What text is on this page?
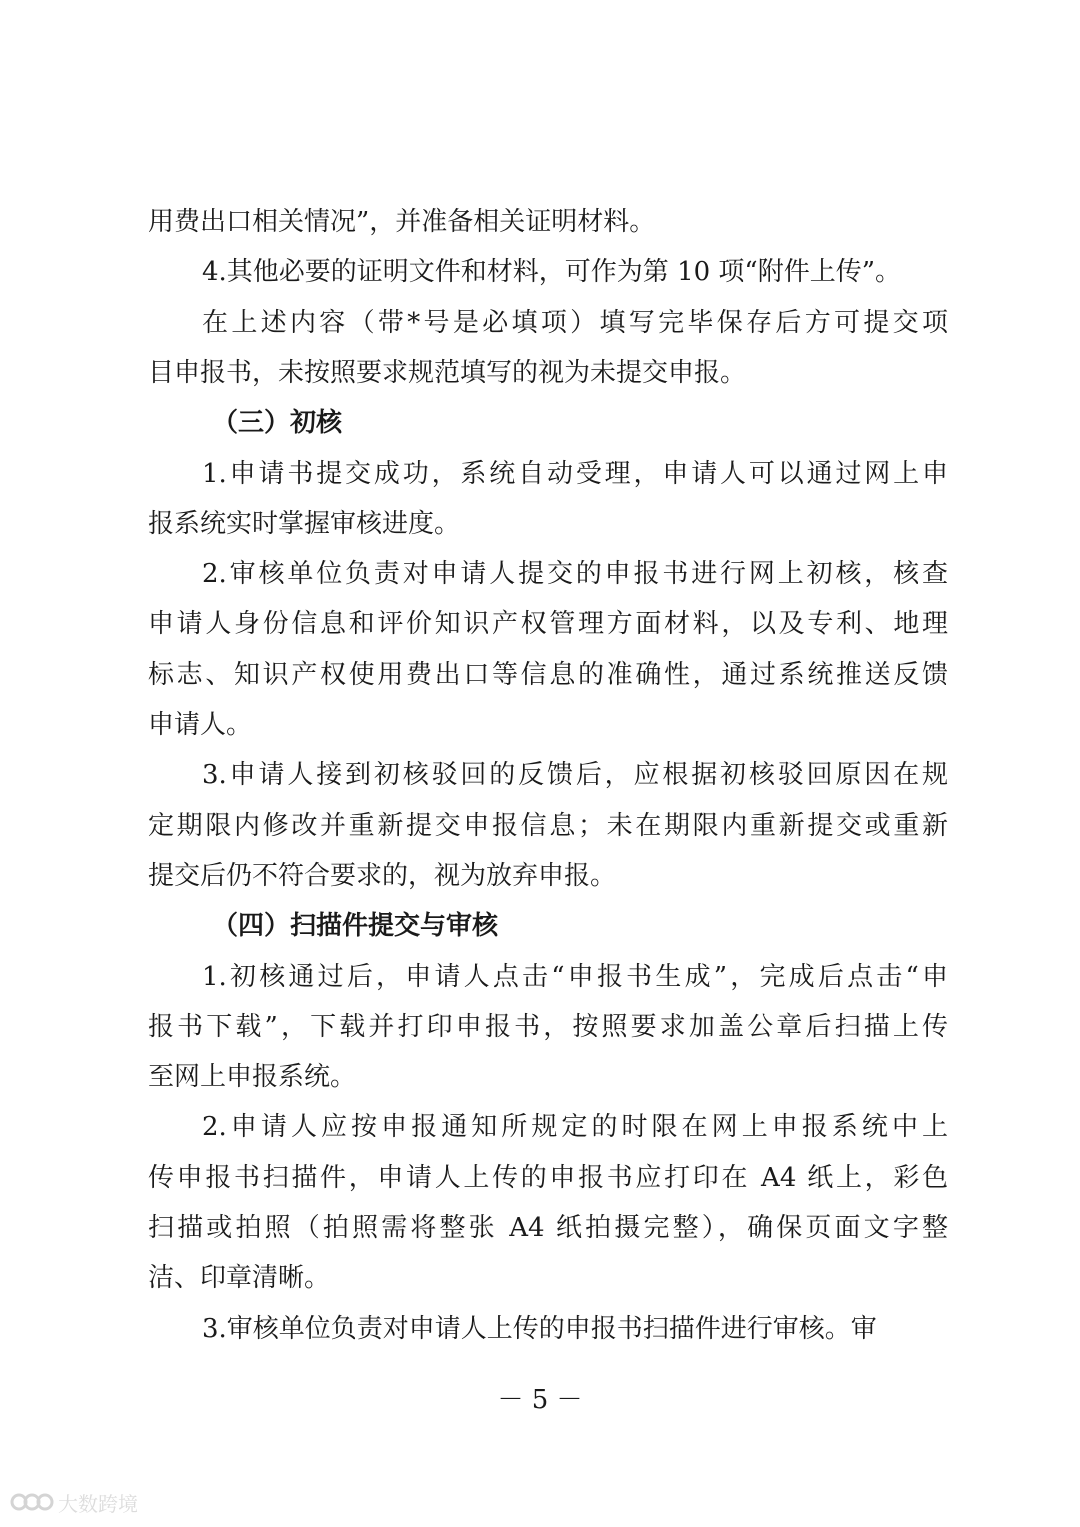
用费出口相关情况”，并准备相关证明材料。
4.其他必要的证明文件和材料，可作为第 10 项“附件上传”。
在上述内容（带*号是必填项）填写完毕保存后方可提交项
目申报书，未按照要求规范填写的视为未提交申报。
（三）初核
1.申请书提交成功，系统自动受理，申请人可以通过网上申
报系统实时掌握审核进度。
2.审核单位负责对申请人提交的申报书进行网上初核，核查
申请人身份信息和评价知识产权管理方面材料，以及专利、地理
标志、知识产权使用费出口等信息的准确性，通过系统推送反馈
申请人。
3.申请人接到初核驳回的反馈后，应根据初核驳回原因在规
定期限内修改并重新提交申报信息；未在期限内重新提交或重新
提交后仍不符合要求的，视为放弃申报。
（四）扫描件提交与审核
1.初核通过后，申请人点击“申报书生成”，完成后点击“申
报书下载”，下载并打印申报书，按照要求加盖公章后扫描上传
至网上申报系统。
2.申请人应按申报通知所规定的时限在网上申报系统中上
传申报书扫描件，申请人上传的申报书应打印在 A4 纸上，彩色
扫描或拍照（拍照需将整张 A4 纸拍摄完整），确保页面文字整
洁、印章清晰。
3.审核单位负责对申请人上传的申报书扫描件进行审核。审
－ 5 －
大数跨境
